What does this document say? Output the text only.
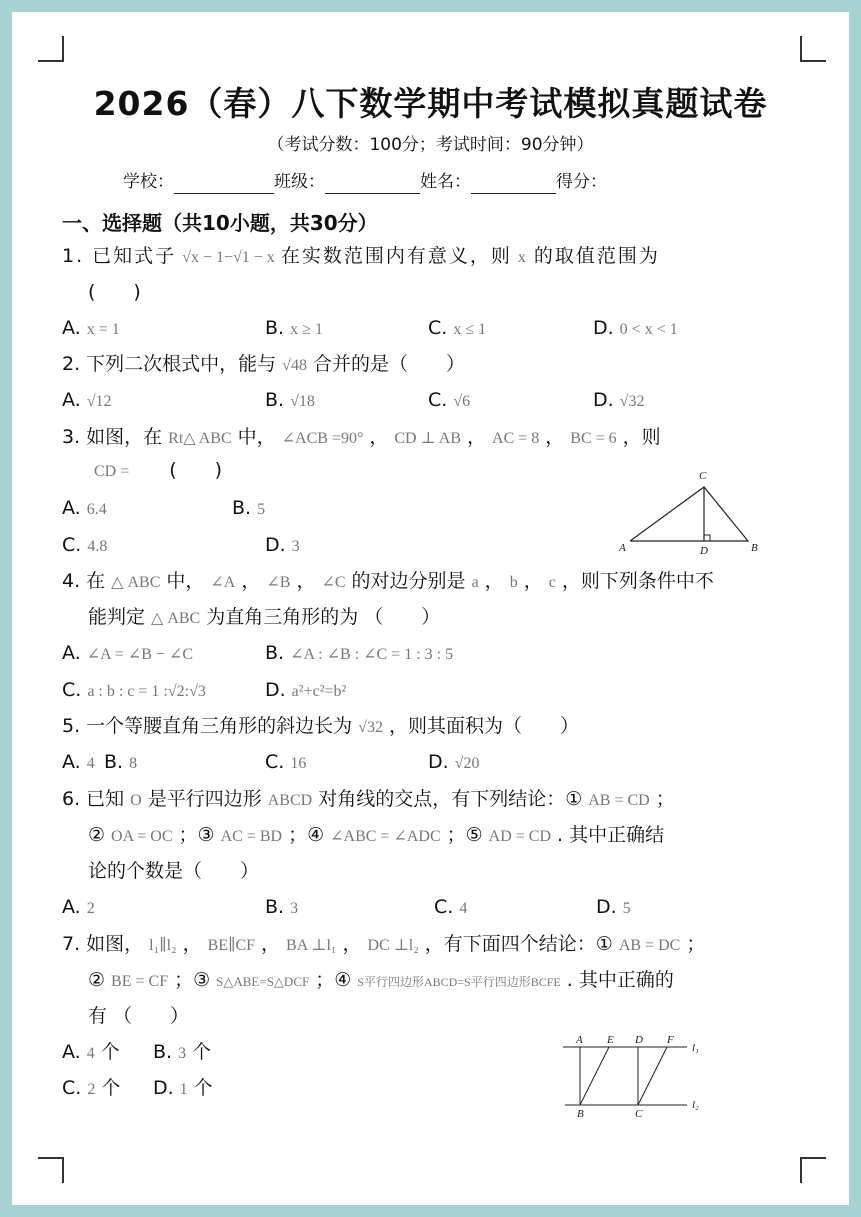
2026（春）八下数学期中考试模拟真题试卷
（考试分数：100分；考试时间：90分钟）
学校：	班级：	姓名：	得分：
一、选择题（共10小题，共30分）
1. 已知式子 √x − 1−√1 − x 在实数范围内有意义，则 x 的取值范围为
(　　)
A. x = 1	B. x ≥ 1	C. x ≤ 1	D. 0 < x < 1
2. 下列二次根式中，能与 √48 合并的是（　　）
A. √12	B. √18	C. √6	D. √32
3. 如图，在 Rt△ ABC 中， ∠ACB =90° ， CD ⊥ AB ， AC = 8 ， BC = 6 ，则
CD = (　　)
A. 6.4	B. 5
C. 4.8	D. 3
C
A	D	B
4. 在 △ ABC 中， ∠A ， ∠B ， ∠C 的对边分别是 a ， b ， c ，则下列条件中不
能判定 △ ABC 为直角三角形的为 （　　）
A. ∠A = ∠B − ∠C	B. ∠A : ∠B : ∠C = 1 : 3 : 5
C. a : b : c = 1 :√2:√3	D. a²+c²=b²
5. 一个等腰直角三角形的斜边长为 √32 ，则其面积为（　　）
A. 4 B. 8	C. 16	D. √20
6. 已知 O 是平行四边形 ABCD 对角线的交点，有下列结论：① AB = CD ；
② OA = OC ；③ AC = BD ；④ ∠ABC = ∠ADC ；⑤ AD = CD . 其中正确结
论的个数是（　　）
A. 2	B. 3	C. 4	D. 5
7. 如图， l₁∥l₂ ， BE∥CF ， BA ⊥l₁ ， DC ⊥l₂ ，有下面四个结论：① AB = DC ；
② BE = CF ；③ S△ABE=S△DCF ；④ S平行四边形ABCD=S平行四边形BCFE . 其中正确的
有 （　　）
A. 4 个 B. 3 个
C. 2 个 D. 1 个
A E D F
l₁
B	C
l₂
